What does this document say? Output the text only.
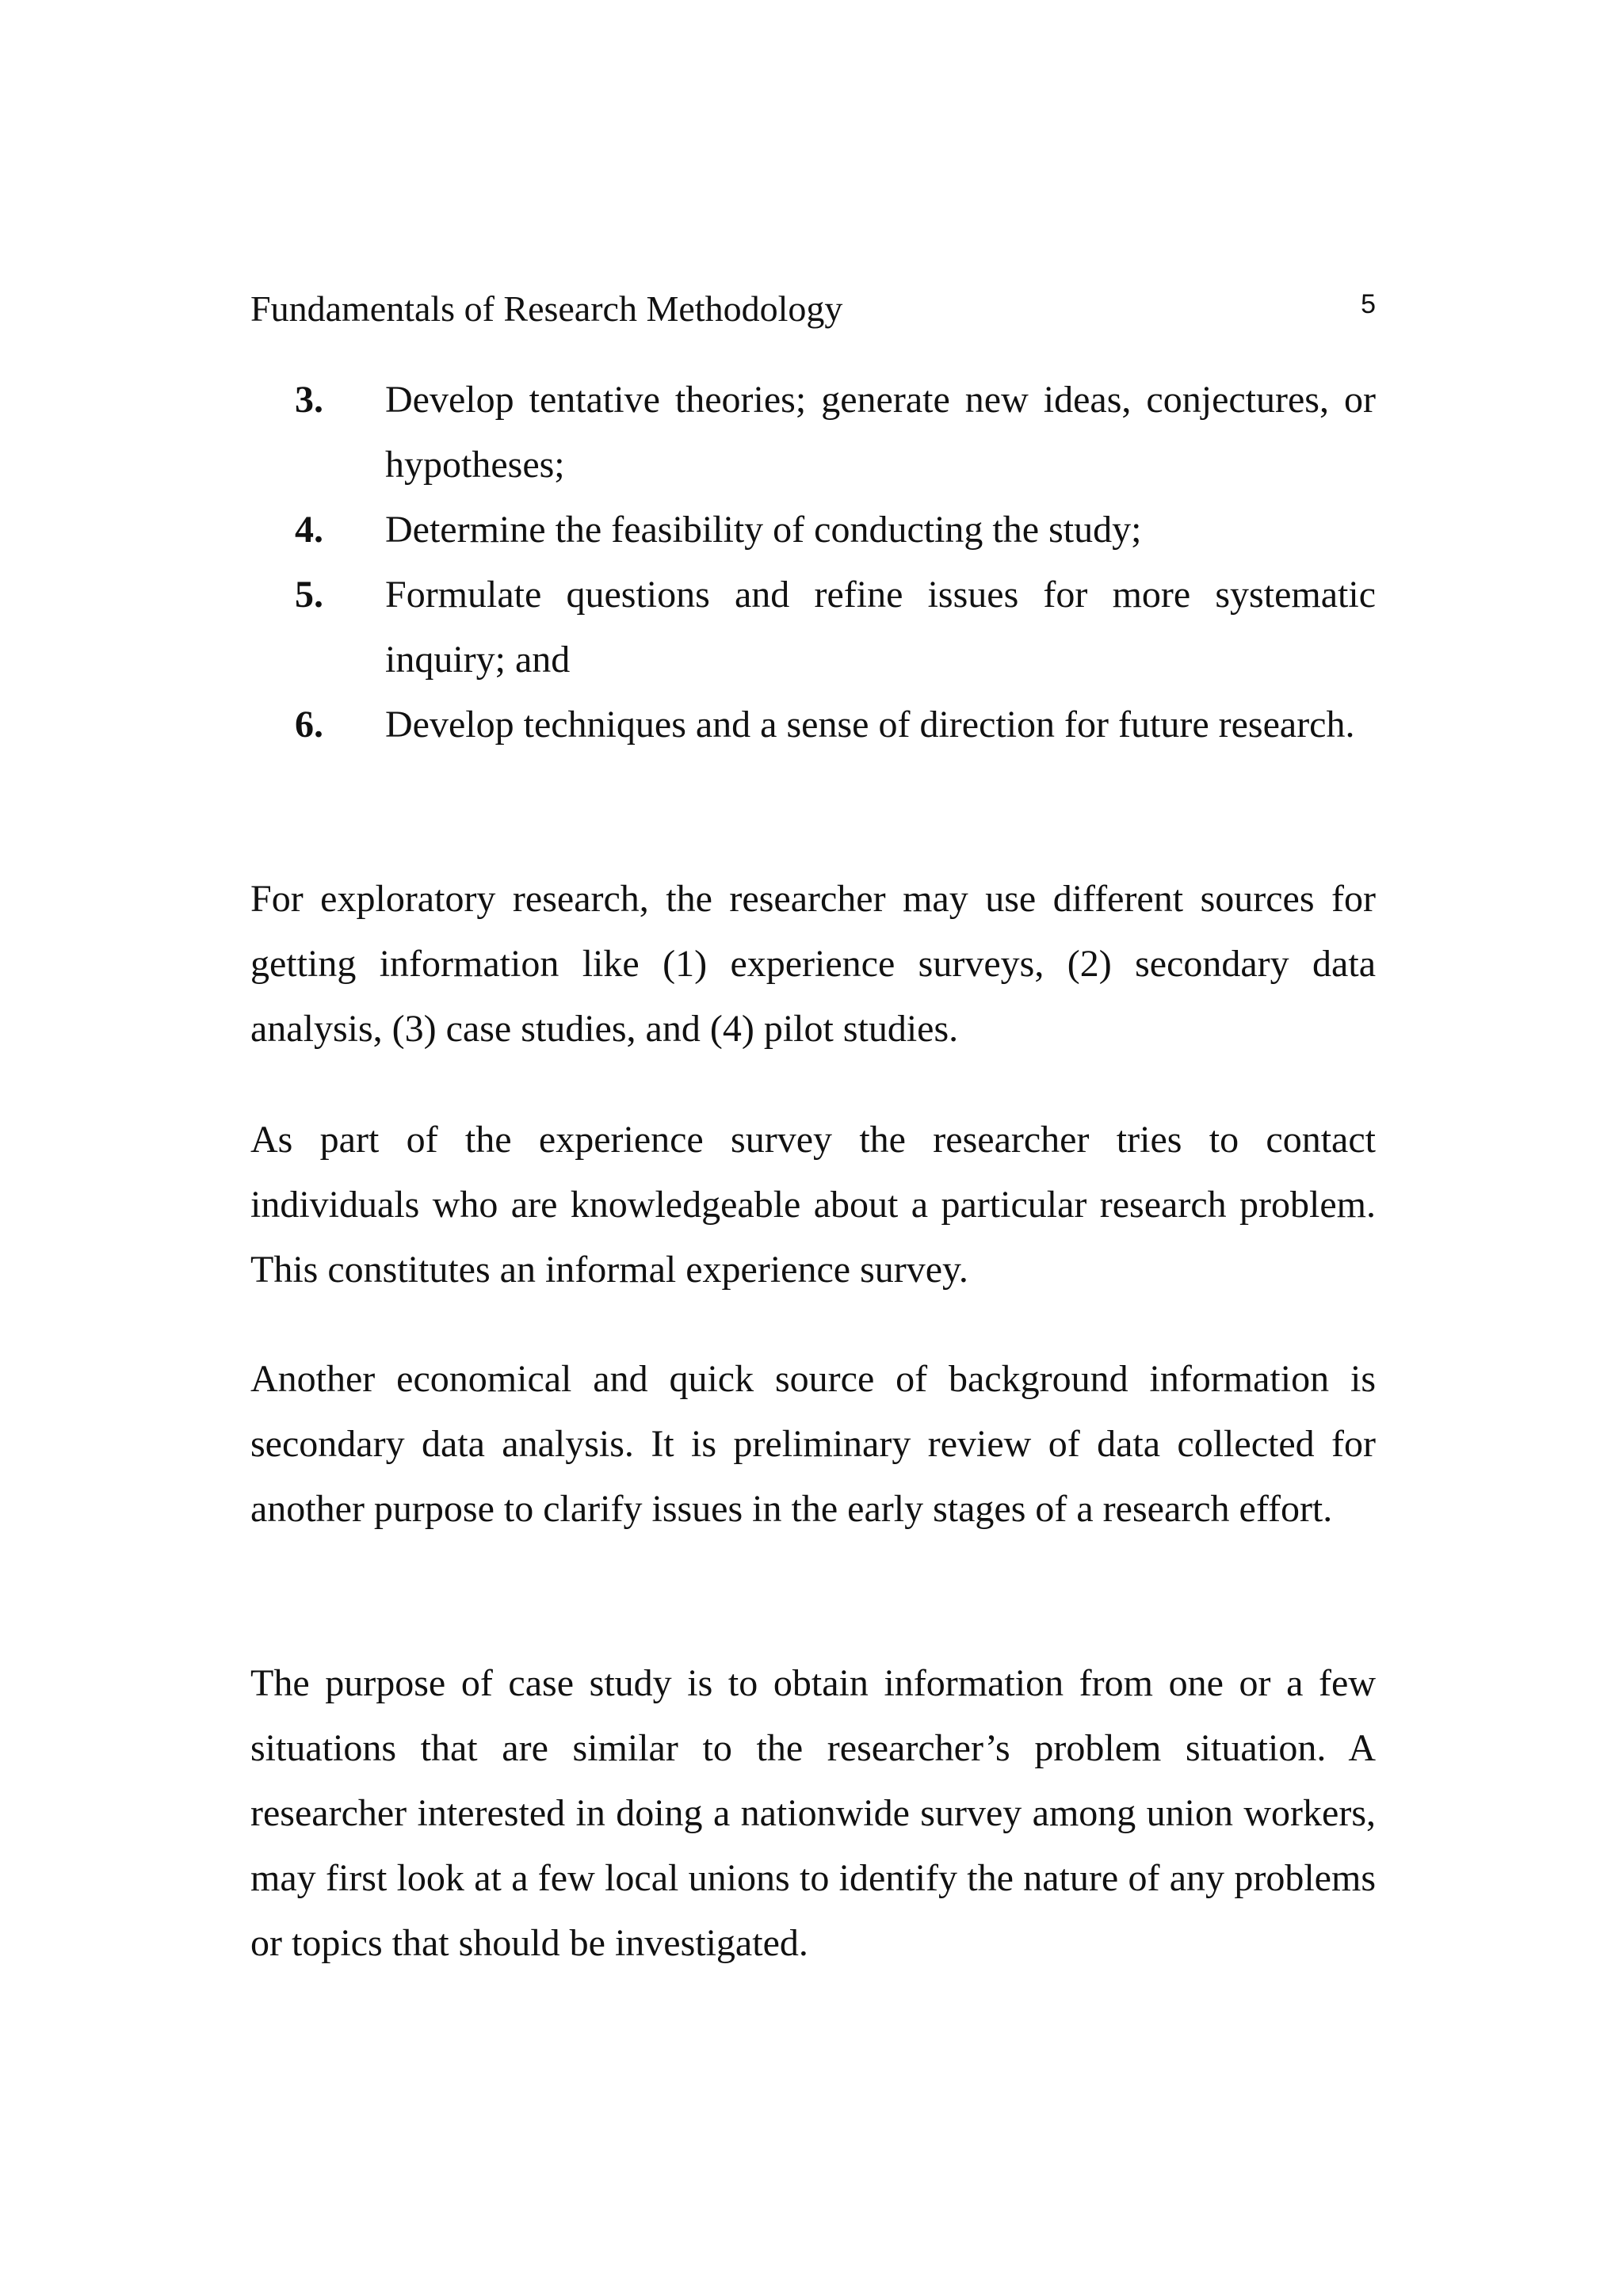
Fundamentals of Research Methodology	5
3. Develop tentative theories; generate new ideas, conjectures, or hypotheses;
4. Determine the feasibility of conducting the study;
5. Formulate questions and refine issues for more systematic inquiry; and
6. Develop techniques and a sense of direction for future research.

For exploratory research, the researcher may use different sources for getting information like (1) experience surveys, (2) secondary data analysis, (3) case studies, and (4) pilot studies.

As part of the experience survey the researcher tries to contact individuals who are knowledgeable about a particular research problem. This constitutes an informal experience survey.

Another economical and quick source of background information is secondary data analysis. It is preliminary review of data collected for another purpose to clarify issues in the early stages of a research effort.

The purpose of case study is to obtain information from one or a few situations that are similar to the researcher’s problem situation. A researcher interested in doing a nationwide survey among union workers, may first look at a few local unions to identify the nature of any problems or topics that should be investigated.
